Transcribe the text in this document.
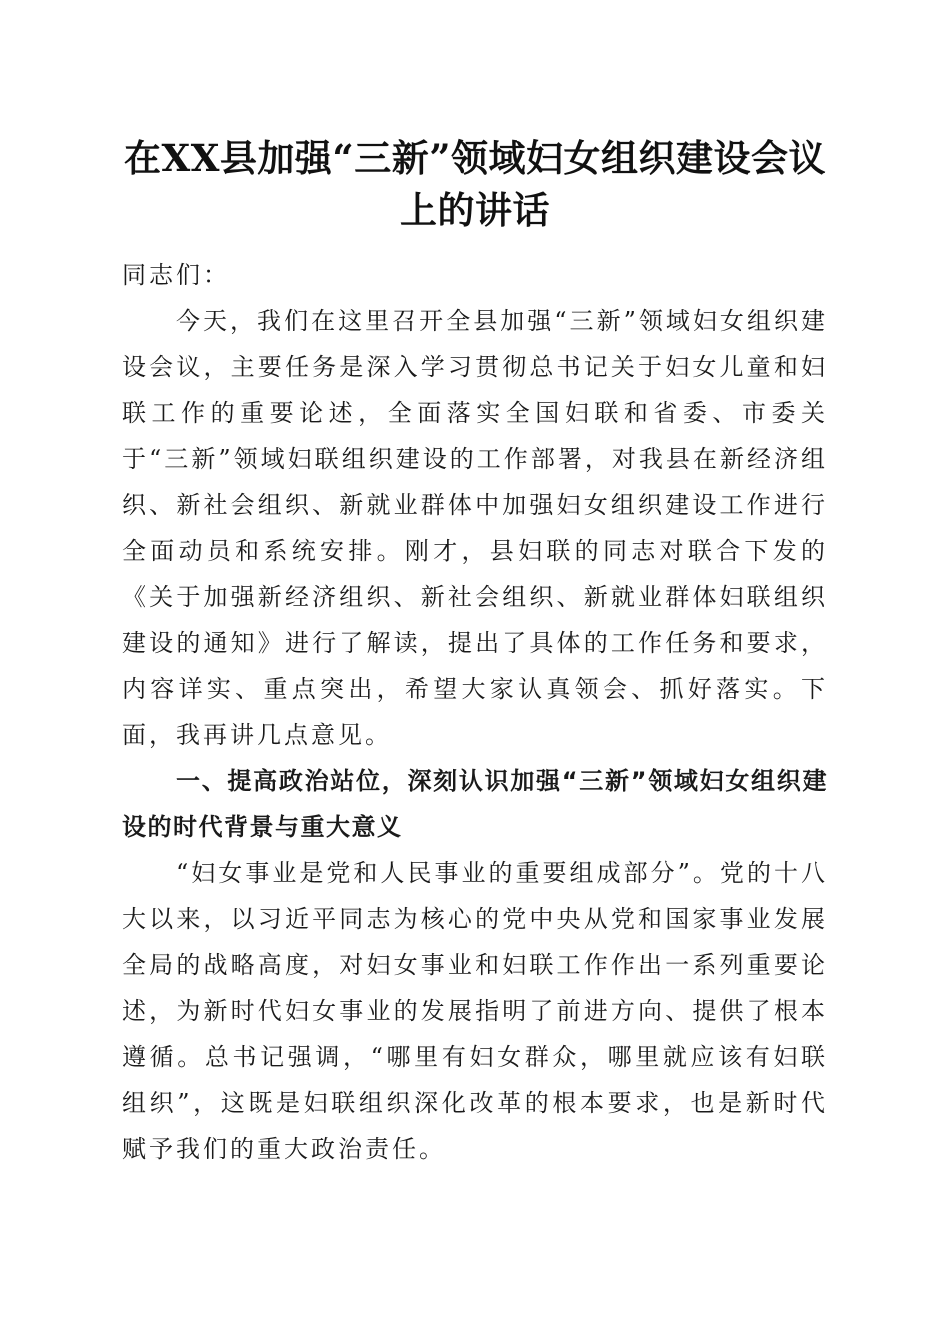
在XX县加强“三新”领域妇女组织建设会议
上的讲话

同志们：

今天，我们在这里召开全县加强“三新”领域妇女组织建设会议，主要任务是深入学习贯彻总书记关于妇女儿童和妇联工作的重要论述，全面落实全国妇联和省委、市委关于“三新”领域妇联组织建设的工作部署，对我县在新经济组织、新社会组织、新就业群体中加强妇女组织建设工作进行全面动员和系统安排。刚才，县妇联的同志对联合下发的《关于加强新经济组织、新社会组织、新就业群体妇联组织建设的通知》进行了解读，提出了具体的工作任务和要求，内容详实、重点突出，希望大家认真领会、抓好落实。下面，我再讲几点意见。

一、提高政治站位，深刻认识加强“三新”领域妇女组织建设的时代背景与重大意义

“妇女事业是党和人民事业的重要组成部分”。党的十八大以来，以习近平同志为核心的党中央从党和国家事业发展全局的战略高度，对妇女事业和妇联工作作出一系列重要论述，为新时代妇女事业的发展指明了前进方向、提供了根本遵循。总书记强调，“哪里有妇女群众，哪里就应该有妇联组织”，这既是妇联组织深化改革的根本要求，也是新时代赋予我们的重大政治责任。
